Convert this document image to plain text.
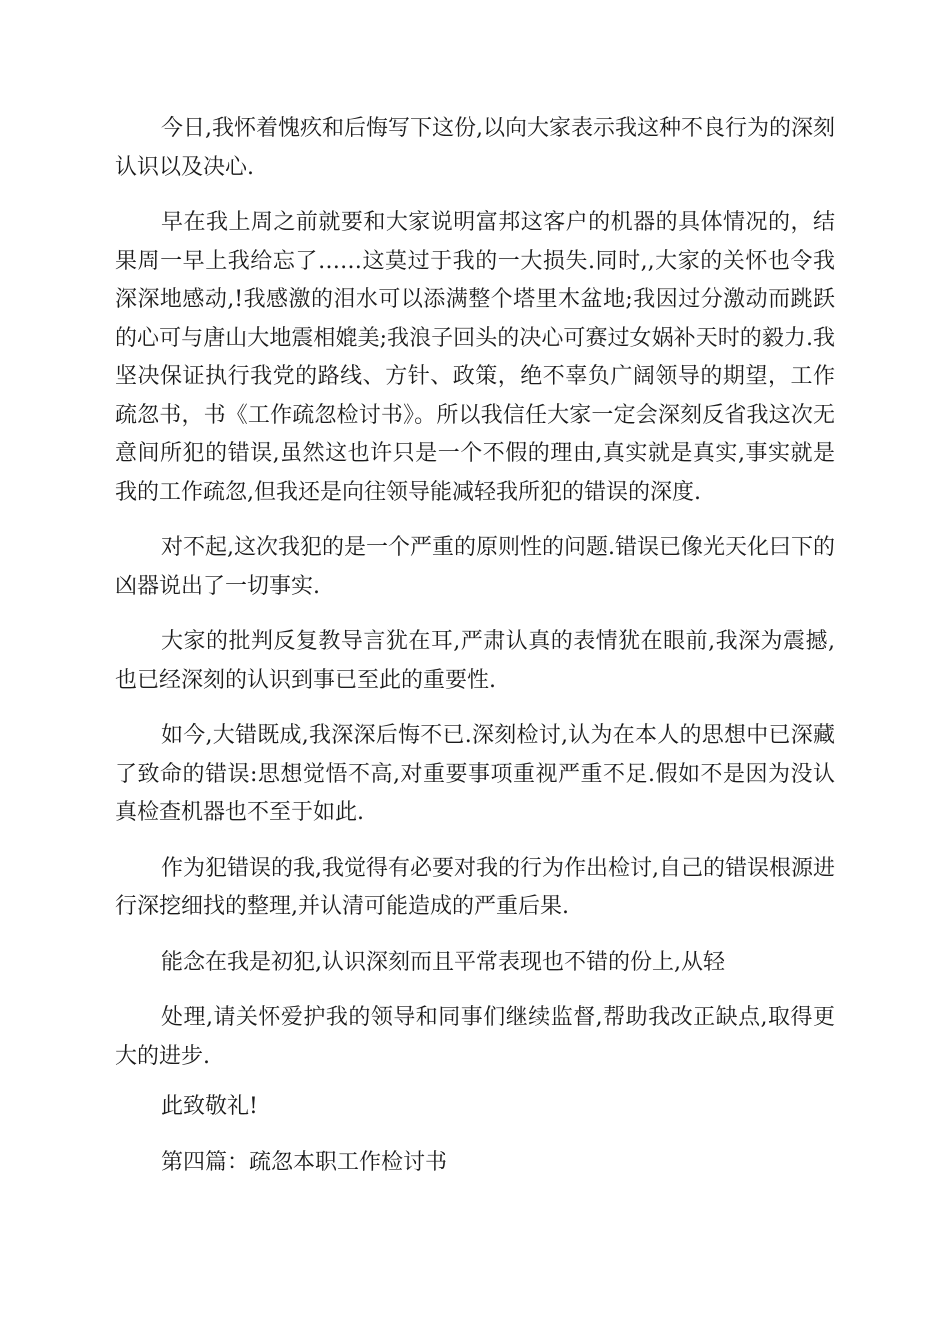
今日,我怀着愧疚和后悔写下这份,以向大家表示我这种不良行为的深刻认识以及决心.

早在我上周之前就要和大家说明富邦这客户的机器的具体情况的，结果周一早上我给忘了……这莫过于我的一大损失.同时,,大家的关怀也令我深深地感动,!我感激的泪水可以添满整个塔里木盆地;我因过分激动而跳跃的心可与唐山大地震相媲美;我浪子回头的决心可赛过女娲补天时的毅力.我坚决保证执行我党的路线、方针、政策，绝不辜负广阔领导的期望，工作疏忽书，书《工作疏忽检讨书》。所以我信任大家一定会深刻反省我这次无意间所犯的错误,虽然这也许只是一个不假的理由,真实就是真实,事实就是我的工作疏忽,但我还是向往领导能减轻我所犯的错误的深度.

对不起,这次我犯的是一个严重的原则性的问题.错误已像光天化曰下的凶器说出了一切事实.

大家的批判反复教导言犹在耳,严肃认真的表情犹在眼前,我深为震撼,也已经深刻的认识到事已至此的重要性.

如今,大错既成,我深深后悔不已.深刻检讨,认为在本人的思想中已深藏了致命的错误:思想觉悟不高,对重要事项重视严重不足.假如不是因为没认真检查机器也不至于如此.

作为犯错误的我,我觉得有必要对我的行为作出检讨,自己的错误根源进行深挖细找的整理,并认清可能造成的严重后果.

能念在我是初犯,认识深刻而且平常表现也不错的份上,从轻

处理,请关怀爱护我的领导和同事们继续监督,帮助我改正缺点,取得更大的进步.

此致敬礼!

第四篇：疏忽本职工作检讨书
